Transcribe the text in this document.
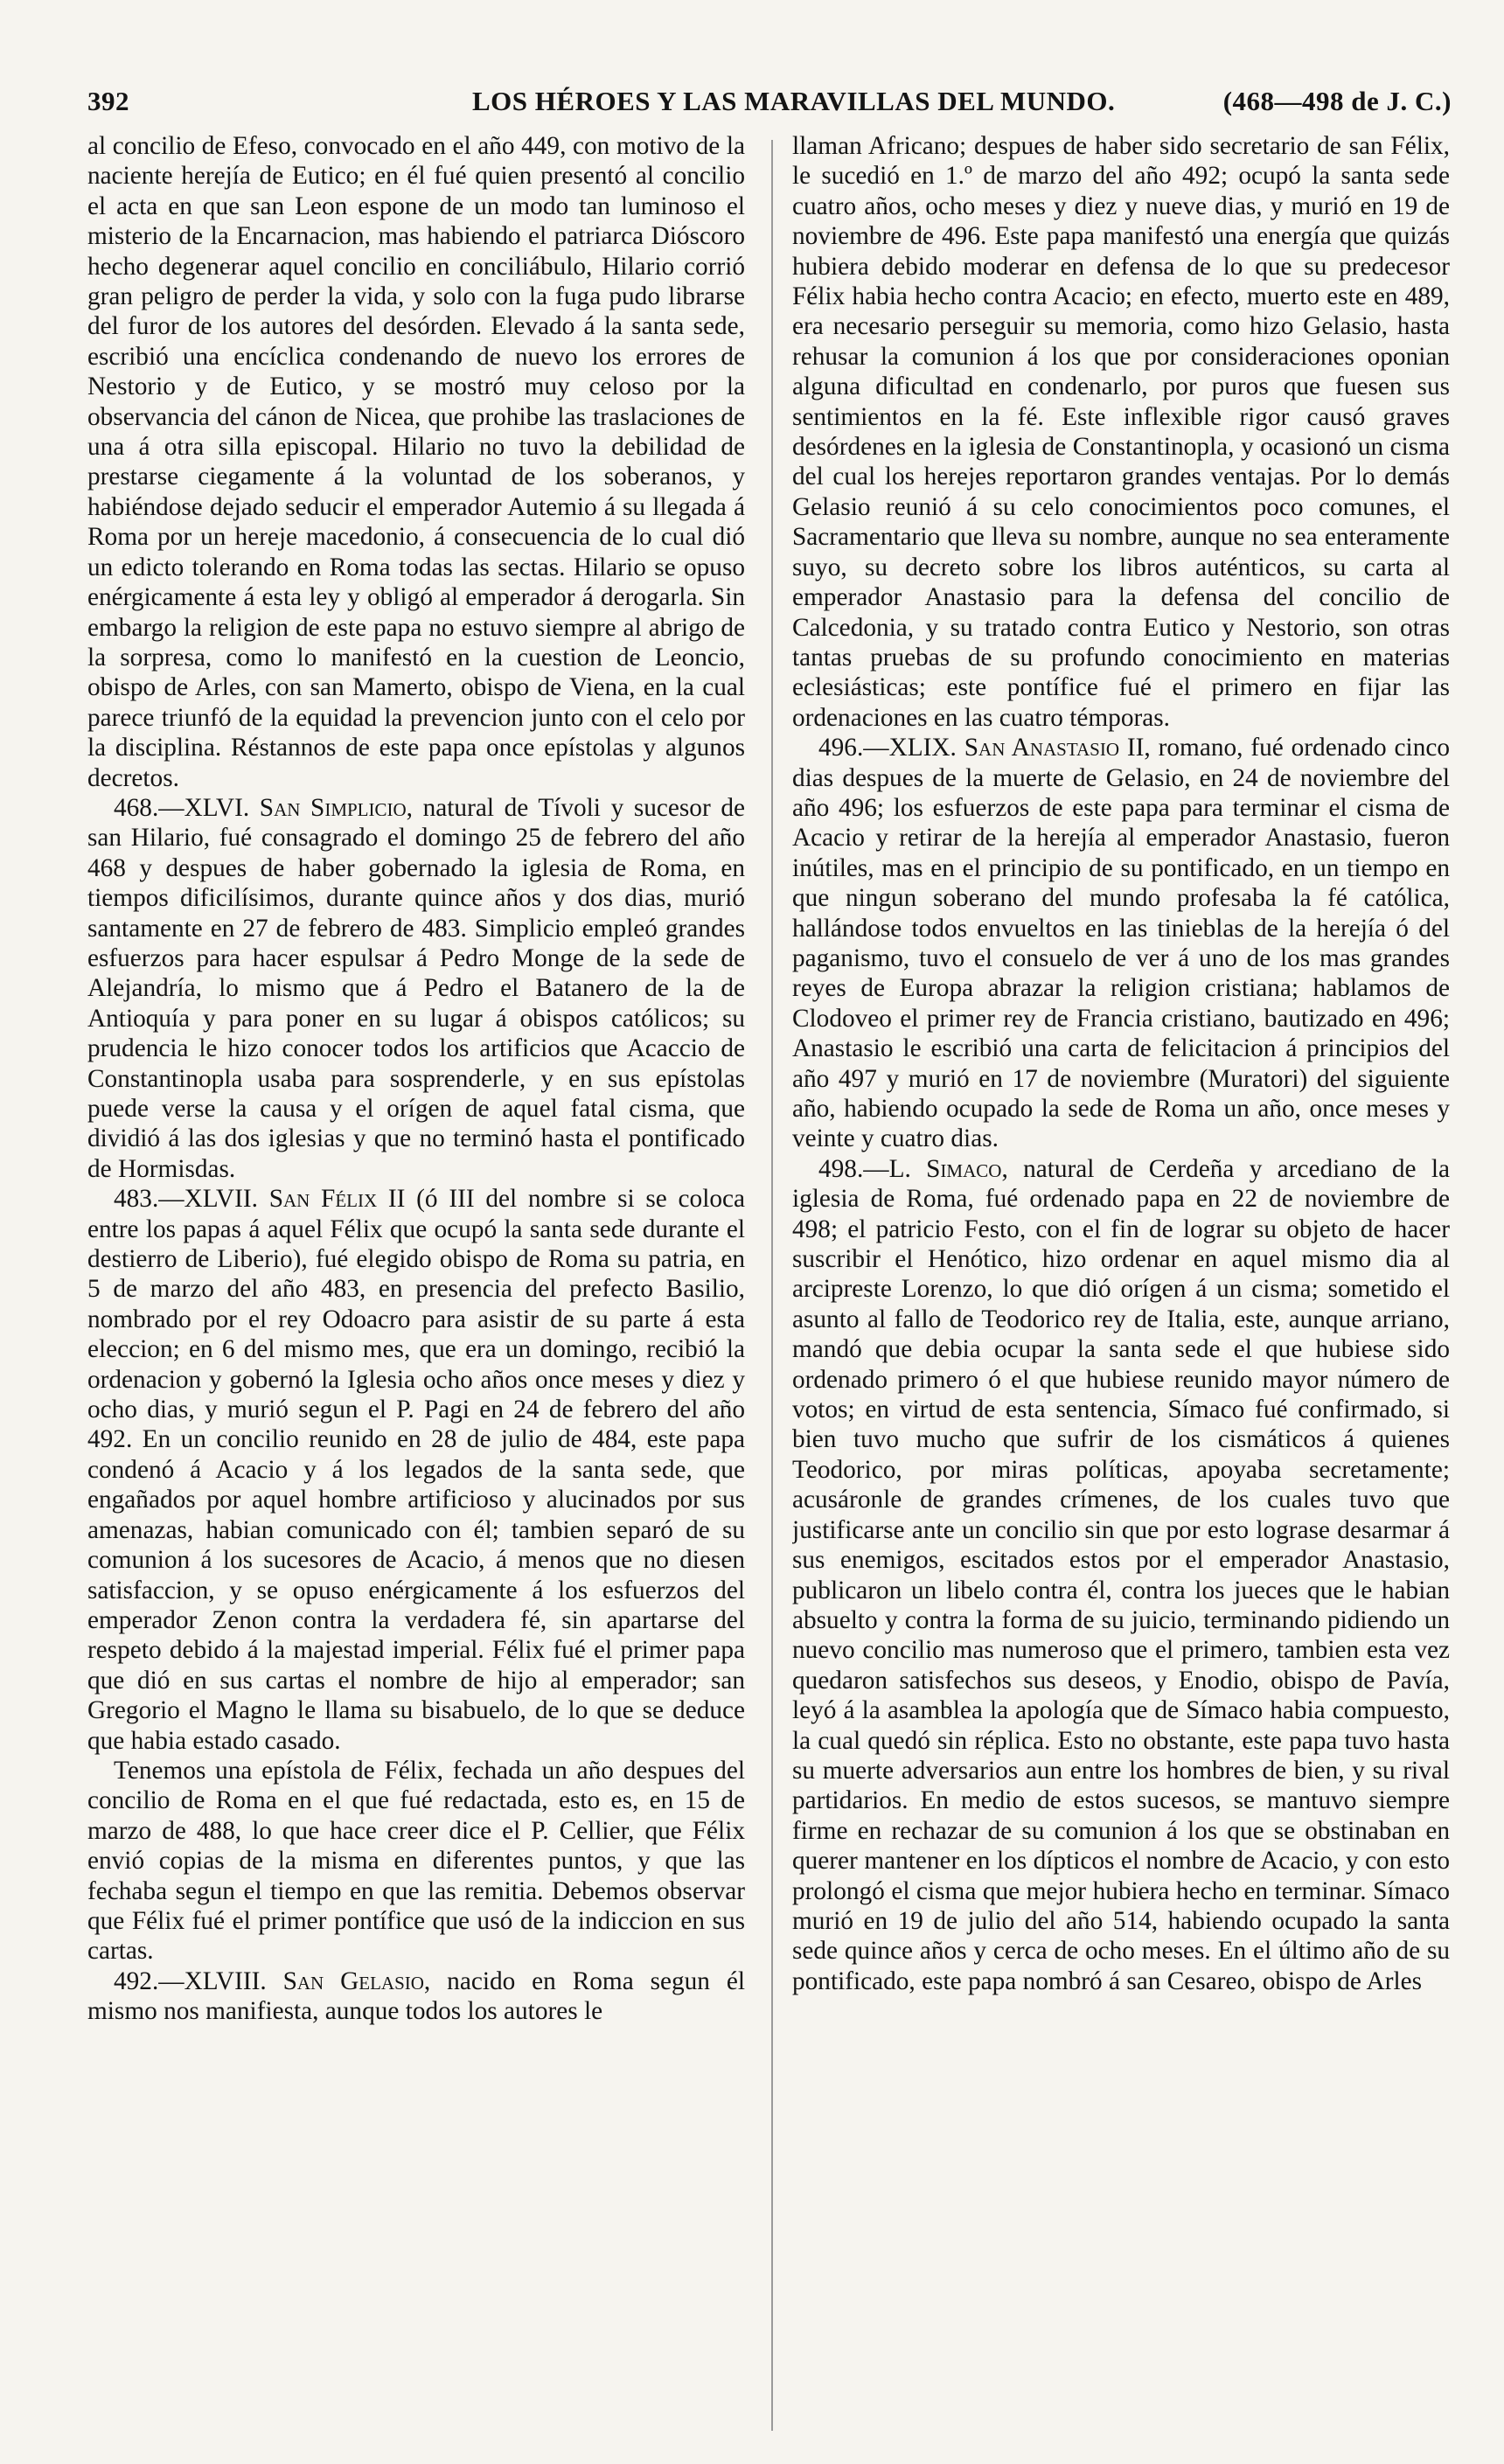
392	LOS HÉROES Y LAS MARAVILLAS DEL MUNDO.	(468—498 de J. C.)

al concilio de Efeso, convocado en el año 449, con motivo de la naciente herejía de Eutico; en él fué quien presentó al concilio el acta en que san Leon espone de un modo tan luminoso el misterio de la Encarnacion, mas habiendo el patriarca Dióscoro hecho degenerar aquel concilio en conciliábulo, Hilario corrió gran peligro de perder la vida, y solo con la fuga pudo librarse del furor de los autores del desórden. Elevado á la santa sede, escribió una encíclica condenando de nuevo los errores de Nestorio y de Eutico, y se mostró muy celoso por la observancia del cánon de Nicea, que prohibe las traslaciones de una á otra silla episcopal. Hilario no tuvo la debilidad de prestarse ciegamente á la voluntad de los soberanos, y habiéndose dejado seducir el emperador Autemio á su llegada á Roma por un hereje macedonio, á consecuencia de lo cual dió un edicto tolerando en Roma todas las sectas. Hilario se opuso enérgicamente á esta ley y obligó al emperador á derogarla. Sin embargo la religion de este papa no estuvo siempre al abrigo de la sorpresa, como lo manifestó en la cuestion de Leoncio, obispo de Arles, con san Mamerto, obispo de Viena, en la cual parece triunfó de la equidad la prevencion junto con el celo por la disciplina. Réstannos de este papa once epístolas y algunos decretos.

468.—XLVI. San Simplicio, natural de Tívoli y sucesor de san Hilario, fué consagrado el domingo 25 de febrero del año 468 y despues de haber gobernado la iglesia de Roma, en tiempos dificilísimos, durante quince años y dos dias, murió santamente en 27 de febrero de 483. Simplicio empleó grandes esfuerzos para hacer espulsar á Pedro Monge de la sede de Alejandría, lo mismo que á Pedro el Batanero de la de Antioquía y para poner en su lugar á obispos católicos; su prudencia le hizo conocer todos los artificios que Acaccio de Constantinopla usaba para sosprenderle, y en sus epístolas puede verse la causa y el orígen de aquel fatal cisma, que dividió á las dos iglesias y que no terminó hasta el pontificado de Hormisdas.

483.—XLVII. San Félix II (ó III del nombre si se coloca entre los papas á aquel Félix que ocupó la santa sede durante el destierro de Liberio), fué elegido obispo de Roma su patria, en 5 de marzo del año 483, en presencia del prefecto Basilio, nombrado por el rey Odoacro para asistir de su parte á esta eleccion; en 6 del mismo mes, que era un domingo, recibió la ordenacion y gobernó la Iglesia ocho años once meses y diez y ocho dias, y murió segun el P. Pagi en 24 de febrero del año 492. En un concilio reunido en 28 de julio de 484, este papa condenó á Acacio y á los legados de la santa sede, que engañados por aquel hombre artificioso y alucinados por sus amenazas, habian comunicado con él; tambien separó de su comunion á los sucesores de Acacio, á menos que no diesen satisfaccion, y se opuso enérgicamente á los esfuerzos del emperador Zenon contra la verdadera fé, sin apartarse del respeto debido á la majestad imperial. Félix fué el primer papa que dió en sus cartas el nombre de hijo al emperador; san Gregorio el Magno le llama su bisabuelo, de lo que se deduce que habia estado casado.

Tenemos una epístola de Félix, fechada un año despues del concilio de Roma en el que fué redactada, esto es, en 15 de marzo de 488, lo que hace creer dice el P. Cellier, que Félix envió copias de la misma en diferentes puntos, y que las fechaba segun el tiempo en que las remitia. Debemos observar que Félix fué el primer pontífice que usó de la indiccion en sus cartas.

492.—XLVIII. San Gelasio, nacido en Roma segun él mismo nos manifiesta, aunque todos los autores le

llaman Africano; despues de haber sido secretario de san Félix, le sucedió en 1.º de marzo del año 492; ocupó la santa sede cuatro años, ocho meses y diez y nueve dias, y murió en 19 de noviembre de 496. Este papa manifestó una energía que quizás hubiera debido moderar en defensa de lo que su predecesor Félix habia hecho contra Acacio; en efecto, muerto este en 489, era necesario perseguir su memoria, como hizo Gelasio, hasta rehusar la comunion á los que por consideraciones oponian alguna dificultad en condenarlo, por puros que fuesen sus sentimientos en la fé. Este inflexible rigor causó graves desórdenes en la iglesia de Constantinopla, y ocasionó un cisma del cual los herejes reportaron grandes ventajas. Por lo demás Gelasio reunió á su celo conocimientos poco comunes, el Sacramentario que lleva su nombre, aunque no sea enteramente suyo, su decreto sobre los libros auténticos, su carta al emperador Anastasio para la defensa del concilio de Calcedonia, y su tratado contra Eutico y Nestorio, son otras tantas pruebas de su profundo conocimiento en materias eclesiásticas; este pontífice fué el primero en fijar las ordenaciones en las cuatro témporas.

496.—XLIX. San Anastasio II, romano, fué ordenado cinco dias despues de la muerte de Gelasio, en 24 de noviembre del año 496; los esfuerzos de este papa para terminar el cisma de Acacio y retirar de la herejía al emperador Anastasio, fueron inútiles, mas en el principio de su pontificado, en un tiempo en que ningun soberano del mundo profesaba la fé católica, hallándose todos envueltos en las tinieblas de la herejía ó del paganismo, tuvo el consuelo de ver á uno de los mas grandes reyes de Europa abrazar la religion cristiana; hablamos de Clodoveo el primer rey de Francia cristiano, bautizado en 496; Anastasio le escribió una carta de felicitacion á principios del año 497 y murió en 17 de noviembre (Muratori) del siguiente año, habiendo ocupado la sede de Roma un año, once meses y veinte y cuatro dias.

498.—L. Simaco, natural de Cerdeña y arcediano de la iglesia de Roma, fué ordenado papa en 22 de noviembre de 498; el patricio Festo, con el fin de lograr su objeto de hacer suscribir el Henótico, hizo ordenar en aquel mismo dia al arcipreste Lorenzo, lo que dió orígen á un cisma; sometido el asunto al fallo de Teodorico rey de Italia, este, aunque arriano, mandó que debia ocupar la santa sede el que hubiese sido ordenado primero ó el que hubiese reunido mayor número de votos; en virtud de esta sentencia, Símaco fué confirmado, si bien tuvo mucho que sufrir de los cismáticos á quienes Teodorico, por miras políticas, apoyaba secretamente; acusáronle de grandes crímenes, de los cuales tuvo que justificarse ante un concilio sin que por esto lograse desarmar á sus enemigos, escitados estos por el emperador Anastasio, publicaron un libelo contra él, contra los jueces que le habian absuelto y contra la forma de su juicio, terminando pidiendo un nuevo concilio mas numeroso que el primero, tambien esta vez quedaron satisfechos sus deseos, y Enodio, obispo de Pavía, leyó á la asamblea la apología que de Símaco habia compuesto, la cual quedó sin réplica. Esto no obstante, este papa tuvo hasta su muerte adversarios aun entre los hombres de bien, y su rival partidarios. En medio de estos sucesos, se mantuvo siempre firme en rechazar de su comunion á los que se obstinaban en querer mantener en los dípticos el nombre de Acacio, y con esto prolongó el cisma que mejor hubiera hecho en terminar. Símaco murió en 19 de julio del año 514, habiendo ocupado la santa sede quince años y cerca de ocho meses. En el último año de su pontificado, este papa nombró á san Cesareo, obispo de Arles
